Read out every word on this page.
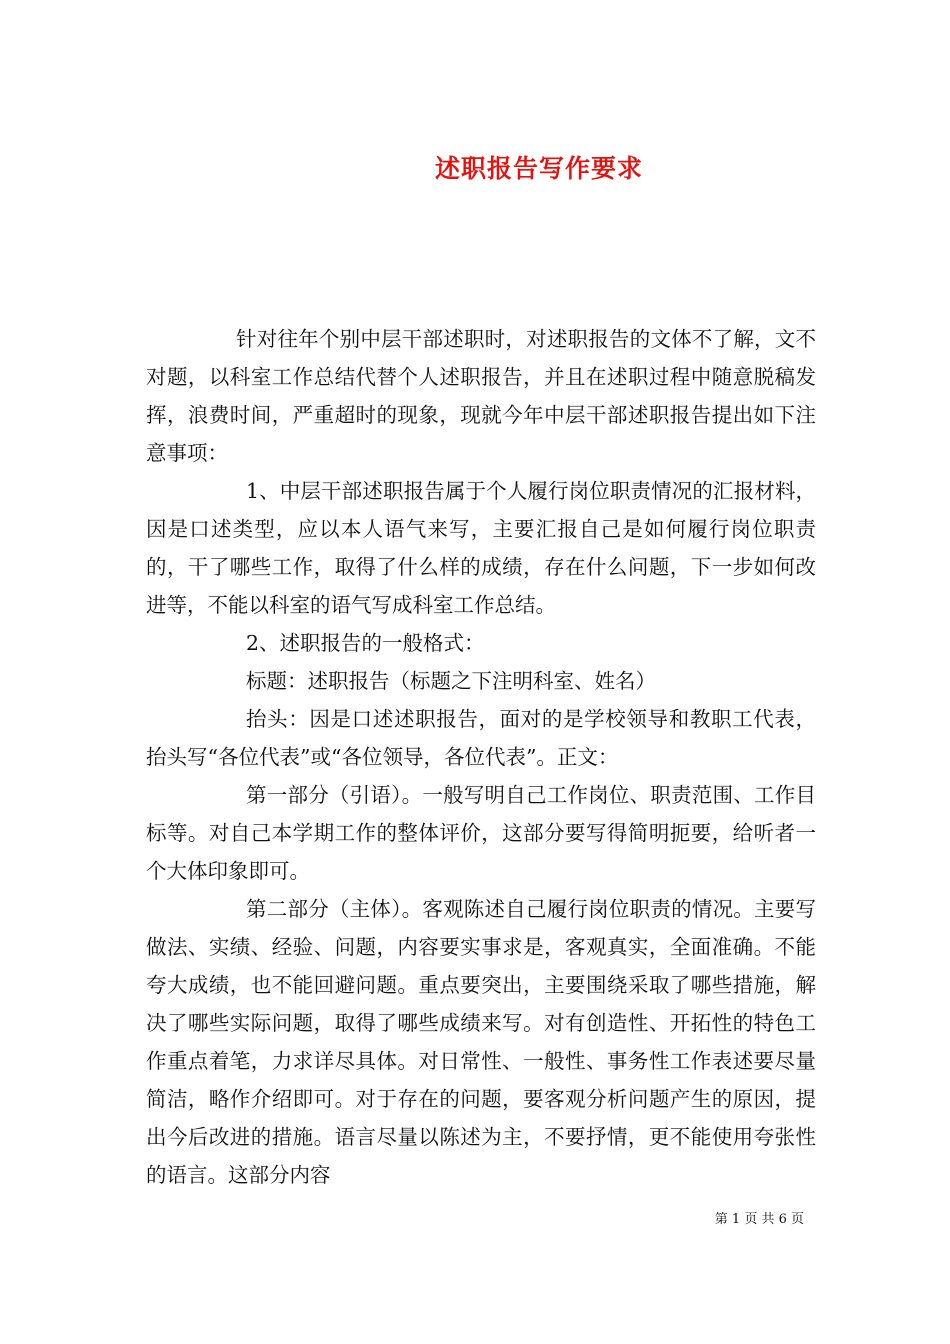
述职报告写作要求

针对往年个别中层干部述职时，对述职报告的文体不了解，文不对题，以科室工作总结代替个人述职报告，并且在述职过程中随意脱稿发挥，浪费时间，严重超时的现象，现就今年中层干部述职报告提出如下注意事项：

1、中层干部述职报告属于个人履行岗位职责情况的汇报材料，因是口述类型，应以本人语气来写，主要汇报自己是如何履行岗位职责的，干了哪些工作，取得了什么样的成绩，存在什么问题，下一步如何改进等，不能以科室的语气写成科室工作总结。

2、述职报告的一般格式：

标题：述职报告（标题之下注明科室、姓名）

抬头：因是口述述职报告，面对的是学校领导和教职工代表，抬头写“各位代表”或“各位领导，各位代表”。正文：

第一部分（引语）。一般写明自己工作岗位、职责范围、工作目标等。对自己本学期工作的整体评价，这部分要写得简明扼要，给听者一个大体印象即可。

第二部分（主体）。客观陈述自己履行岗位职责的情况。主要写做法、实绩、经验、问题，内容要实事求是，客观真实，全面准确。不能夸大成绩，也不能回避问题。重点要突出，主要围绕采取了哪些措施，解决了哪些实际问题，取得了哪些成绩来写。对有创造性、开拓性的特色工作重点着笔，力求详尽具体。对日常性、一般性、事务性工作表述要尽量简洁，略作介绍即可。对于存在的问题，要客观分析问题产生的原因，提出今后改进的措施。语言尽量以陈述为主，不要抒情，更不能使用夸张性的语言。这部分内容

第 1 页 共 6 页
